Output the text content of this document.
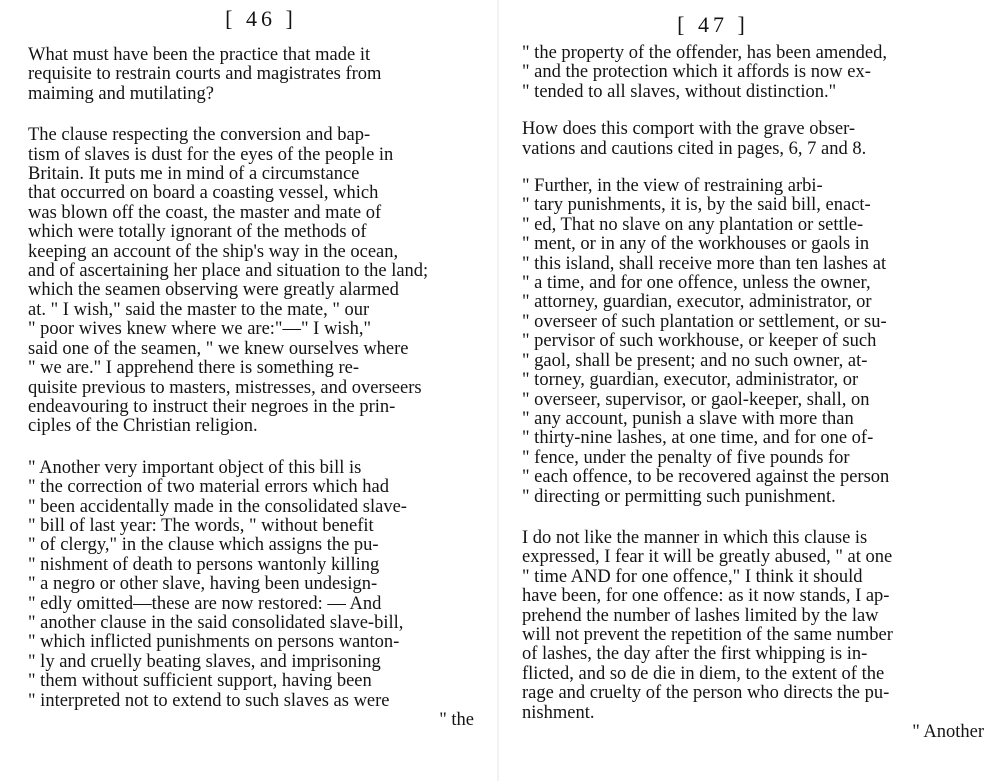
[ 46 ]
What must have been the practice that made it
requisite to restrain courts and magistrates from
maiming and mutilating?
The clause respecting the conversion and bap-
tism of slaves is dust for the eyes of the people in
Britain. It puts me in mind of a circumstance
that occurred on board a coasting vessel, which
was blown off the coast, the master and mate of
which were totally ignorant of the methods of
keeping an account of the ship's way in the ocean,
and of ascertaining her place and situation to the land;
which the seamen observing were greatly alarmed
at. " I wish," said the master to the mate, " our
" poor wives knew where we are:"—" I wish,"
said one of the seamen, " we knew ourselves where
" we are." I apprehend there is something re-
quisite previous to masters, mistresses, and overseers
endeavouring to instruct their negroes in the prin-
ciples of the Christian religion.
" Another very important object of this bill is
" the correction of two material errors which had
" been accidentally made in the consolidated slave-
" bill of last year: The words, " without benefit
" of clergy," in the clause which assigns the pu-
" nishment of death to persons wantonly killing
" a negro or other slave, having been undesign-
" edly omitted—these are now restored: — And
" another clause in the said consolidated slave-bill,
" which inflicted punishments on persons wanton-
" ly and cruelly beating slaves, and imprisoning
" them without sufficient support, having been
" interpreted not to extend to such slaves as were
" the
[ 47 ]
" the property of the offender, has been amended,
" and the protection which it affords is now ex-
" tended to all slaves, without distinction."
How does this comport with the grave obser-
vations and cautions cited in pages, 6, 7 and 8.
" Further, in the view of restraining arbi-
" tary punishments, it is, by the said bill, enact-
" ed, That no slave on any plantation or settle-
" ment, or in any of the workhouses or gaols in
" this island, shall receive more than ten lashes at
" a time, and for one offence, unless the owner,
" attorney, guardian, executor, administrator, or
" overseer of such plantation or settlement, or su-
" pervisor of such workhouse, or keeper of such
" gaol, shall be present; and no such owner, at-
" torney, guardian, executor, administrator, or
" overseer, supervisor, or gaol-keeper, shall, on
" any account, punish a slave with more than
" thirty-nine lashes, at one time, and for one of-
" fence, under the penalty of five pounds for
" each offence, to be recovered against the person
" directing or permitting such punishment.
I do not like the manner in which this clause is
expressed, I fear it will be greatly abused, " at one
" time AND for one offence," I think it should
have been, for one offence: as it now stands, I ap-
prehend the number of lashes limited by the law
will not prevent the repetition of the same number
of lashes, the day after the first whipping is in-
flicted, and so de die in diem, to the extent of the
rage and cruelty of the person who directs the pu-
nishment.
" Another
